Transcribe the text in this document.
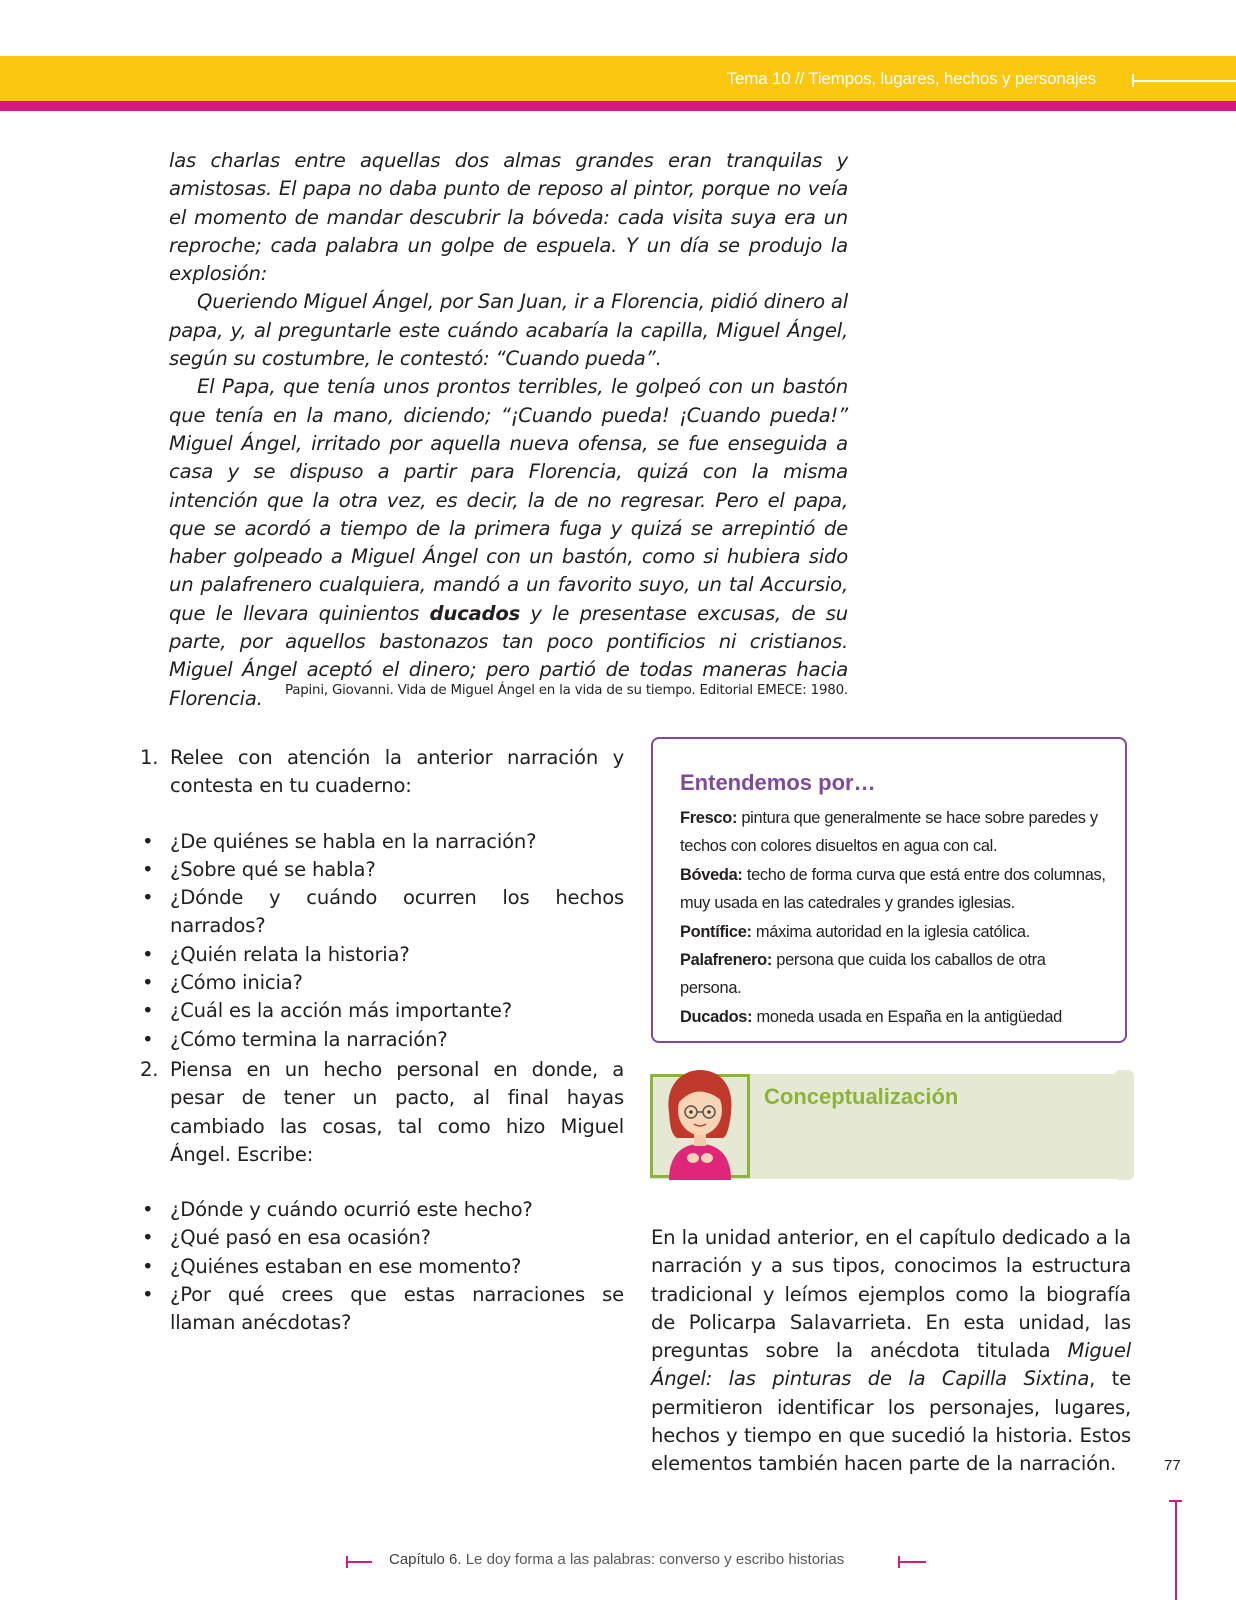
Tema 10 // Tiempos, lugares, hechos y personajes

las charlas entre aquellas dos almas grandes eran tranquilas y amistosas. El papa no daba punto de reposo al pintor, porque no veía el momento de mandar descubrir la bóveda: cada visita suya era un reproche; cada palabra un golpe de espuela. Y un día se produjo la explosión:

Queriendo Miguel Ángel, por San Juan, ir a Florencia, pidió dinero al papa, y, al preguntarle este cuándo acabaría la capilla, Miguel Ángel, según su costumbre, le contestó: “Cuando pueda”.

El Papa, que tenía unos prontos terribles, le golpeó con un bastón que tenía en la mano, diciendo; “¡Cuando pueda! ¡Cuando pueda!” Miguel Ángel, irritado por aquella nueva ofensa, se fue enseguida a casa y se dispuso a partir para Florencia, quizá con la misma intención que la otra vez, es decir, la de no regresar. Pero el papa, que se acordó a tiempo de la primera fuga y quizá se arrepintió de haber golpeado a Miguel Ángel con un bastón, como si hubiera sido un palafrenero cualquiera, mandó a un favorito suyo, un tal Accursio, que le llevara quinientos ducados y le presentase excusas, de su parte, por aquellos bastonazos tan poco pontificios ni cristianos. Miguel Ángel aceptó el dinero; pero partió de todas maneras hacia Florencia.	Papini, Giovanni. Vida de Miguel Ángel en la vida de su tiempo. Editorial EMECE: 1980.
1. Relee con atención la anterior narración y contesta en tu cuaderno:
• ¿De quiénes se habla en la narración?
• ¿Sobre qué se habla?
• ¿Dónde y cuándo ocurren los hechos narrados?
• ¿Quién relata la historia?
• ¿Cómo inicia?
• ¿Cuál es la acción más importante?
• ¿Cómo termina la narración?
2. Piensa en un hecho personal en donde, a pesar de tener un pacto, al final hayas cambiado las cosas, tal como hizo Miguel Ángel. Escribe:
• ¿Dónde y cuándo ocurrió este hecho?
• ¿Qué pasó en esa ocasión?
• ¿Quiénes estaban en ese momento?
• ¿Por qué crees que estas narraciones se llaman anécdotas?
Entendemos por…
Fresco: pintura que generalmente se hace sobre paredes y techos con colores disueltos en agua con cal.
Bóveda: techo de forma curva que está entre dos columnas, muy usada en las catedrales y grandes iglesias.
Pontífice: máxima autoridad en la iglesia católica.
Palafrenero: persona que cuida los caballos de otra persona.
Ducados: moneda usada en España en la antigüedad
Conceptualización
En la unidad anterior, en el capítulo dedicado a la narración y a sus tipos, conocimos la estructura tradicional y leímos ejemplos como la biografía de Policarpa Salavarrieta. En esta unidad, las preguntas sobre la anécdota titulada Miguel Ángel: las pinturas de la Capilla Sixtina, te permitieron identificar los personajes, lugares, hechos y tiempo en que sucedió la historia. Estos elementos también hacen parte de la narración.	77
Capítulo 6. Le doy forma a las palabras: converso y escribo historias
